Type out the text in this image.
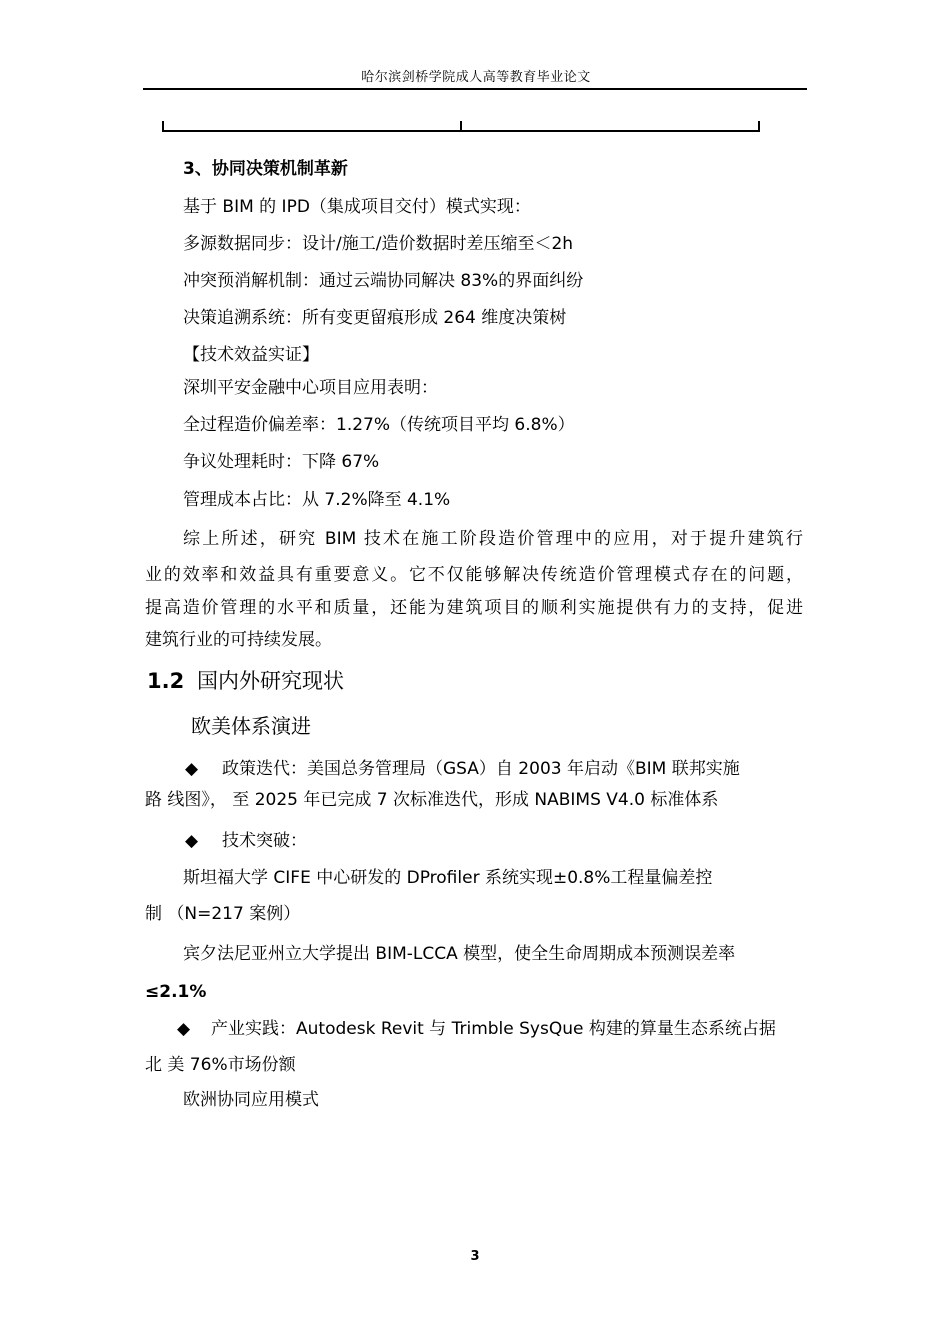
哈尔滨剑桥学院成人高等教育毕业论文
3、协同决策机制革新
基于 BIM 的 IPD（集成项目交付）模式实现：
多源数据同步：设计/施工/造价数据时差压缩至＜2h
冲突预消解机制：通过云端协同解决 83%的界面纠纷
决策追溯系统：所有变更留痕形成 264 维度决策树
【技术效益实证】
深圳平安金融中心项目应用表明：
全过程造价偏差率：1.27%（传统项目平均 6.8%）
争议处理耗时：下降 67%
管理成本占比：从 7.2%降至 4.1%
综上所述，研究 BIM 技术在施工阶段造价管理中的应用，对于提升建筑行
业的效率和效益具有重要意义。它不仅能够解决传统造价管理模式存在的问题，
提高造价管理的水平和质量，还能为建筑项目的顺利实施提供有力的支持，促进
建筑行业的可持续发展。
1.2 国内外研究现状
欧美体系演进
◆ 政策迭代：美国总务管理局（GSA）自 2003 年启动《BIM 联邦实施
路 线图》， 至 2025 年已完成 7 次标准迭代，形成 NABIMS V4.0 标准体系
◆ 技术突破：
斯坦福大学 CIFE 中心研发的 DProfiler 系统实现±0.8%工程量偏差控
制 （N=217 案例）
宾夕法尼亚州立大学提出 BIM-LCCA 模型，使全生命周期成本预测误差率
≤2.1%
◆ 产业实践：Autodesk Revit 与 Trimble SysQue 构建的算量生态系统占据
北 美 76%市场份额
欧洲协同应用模式
3
